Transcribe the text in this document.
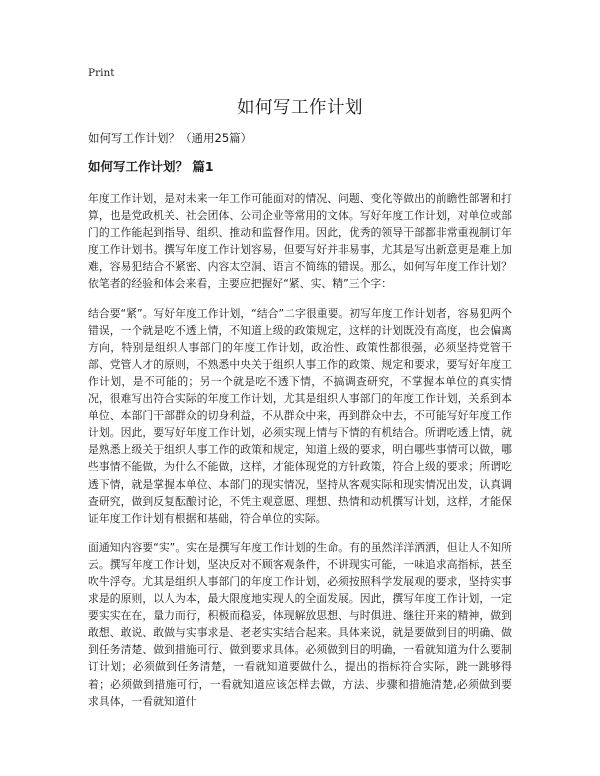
Print

如何写工作计划

如何写工作计划？（通用25篇）

如何写工作计划？ 篇1

年度工作计划，是对未来一年工作可能面对的情况、问题、变化等做出的前瞻性部署和打算，也是党政机关、社会团体、公司企业等常用的文体。写好年度工作计划，对单位或部门的工作能起到指导、组织、推动和监督作用。因此，优秀的领导干部都非常重视制订年度工作计划书。撰写年度工作计划容易，但要写好并非易事，尤其是写出新意更是难上加难，容易犯结合不紧密、内容太空洞、语言不简练的错误。那么，如何写年度工作计划？依笔者的经验和体会来看，主要应把握好“紧、实、精”三个字：

结合要“紧”。写好年度工作计划，“结合”二字很重要。初写年度工作计划者，容易犯两个错误，一个就是吃不透上情，不知道上级的政策规定，这样的计划既没有高度，也会偏离方向，特别是组织人事部门的年度工作计划，政治性、政策性都很强，必须坚持党管干部、党管人才的原则，不熟悉中央关于组织人事工作的政策、规定和要求，要写好年度工作计划，是不可能的；另一个就是吃不透下情，不搞调查研究，不掌握本单位的真实情况，很难写出符合实际的年度工作计划，尤其是组织人事部门的年度工作计划，关系到本单位、本部门干部群众的切身利益，不从群众中来，再到群众中去，不可能写好年度工作计划。因此，要写好年度工作计划，必须实现上情与下情的有机结合。所谓吃透上情，就是熟悉上级关于组织人事工作的政策和规定，知道上级的要求，明白哪些事情可以做，哪些事情不能做，为什么不能做，这样，才能体现党的方针政策，符合上级的要求；所谓吃透下情，就是掌握本单位、本部门的现实情况，坚持从客观实际和现实情况出发，认真调查研究，做到反复酝酿讨论，不凭主观意愿、理想、热情和动机撰写计划，这样，才能保证年度工作计划有根据和基础，符合单位的实际。

面通知内容要“实”。实在是撰写年度工作计划的生命。有的虽然洋洋洒洒，但让人不知所云。撰写年度工作计划，坚决反对不顾客观条件，不讲现实可能，一味追求高指标，甚至吹牛浮夸。尤其是组织人事部门的年度工作计划，必须按照科学发展观的要求，坚持实事求是的原则，以人为本，最大限度地实现人的全面发展。因此，撰写年度工作计划，一定要实实在在，量力而行，积极而稳妥，体现解放思想、与时俱进、继往开来的精神，做到敢想、敢说、敢做与实事求是、老老实实结合起来。具体来说，就是要做到目的明确、做到任务清楚、做到措施可行、做到要求具体。必须做到目的明确，一看就知道为什么要制订计划；必须做到任务清楚，一看就知道要做什么，提出的指标符合实际，跳一跳够得着；必须做到措施可行，一看就知道应该怎样去做，方法、步骤和措施清楚,必须做到要求具体，一看就知道什
